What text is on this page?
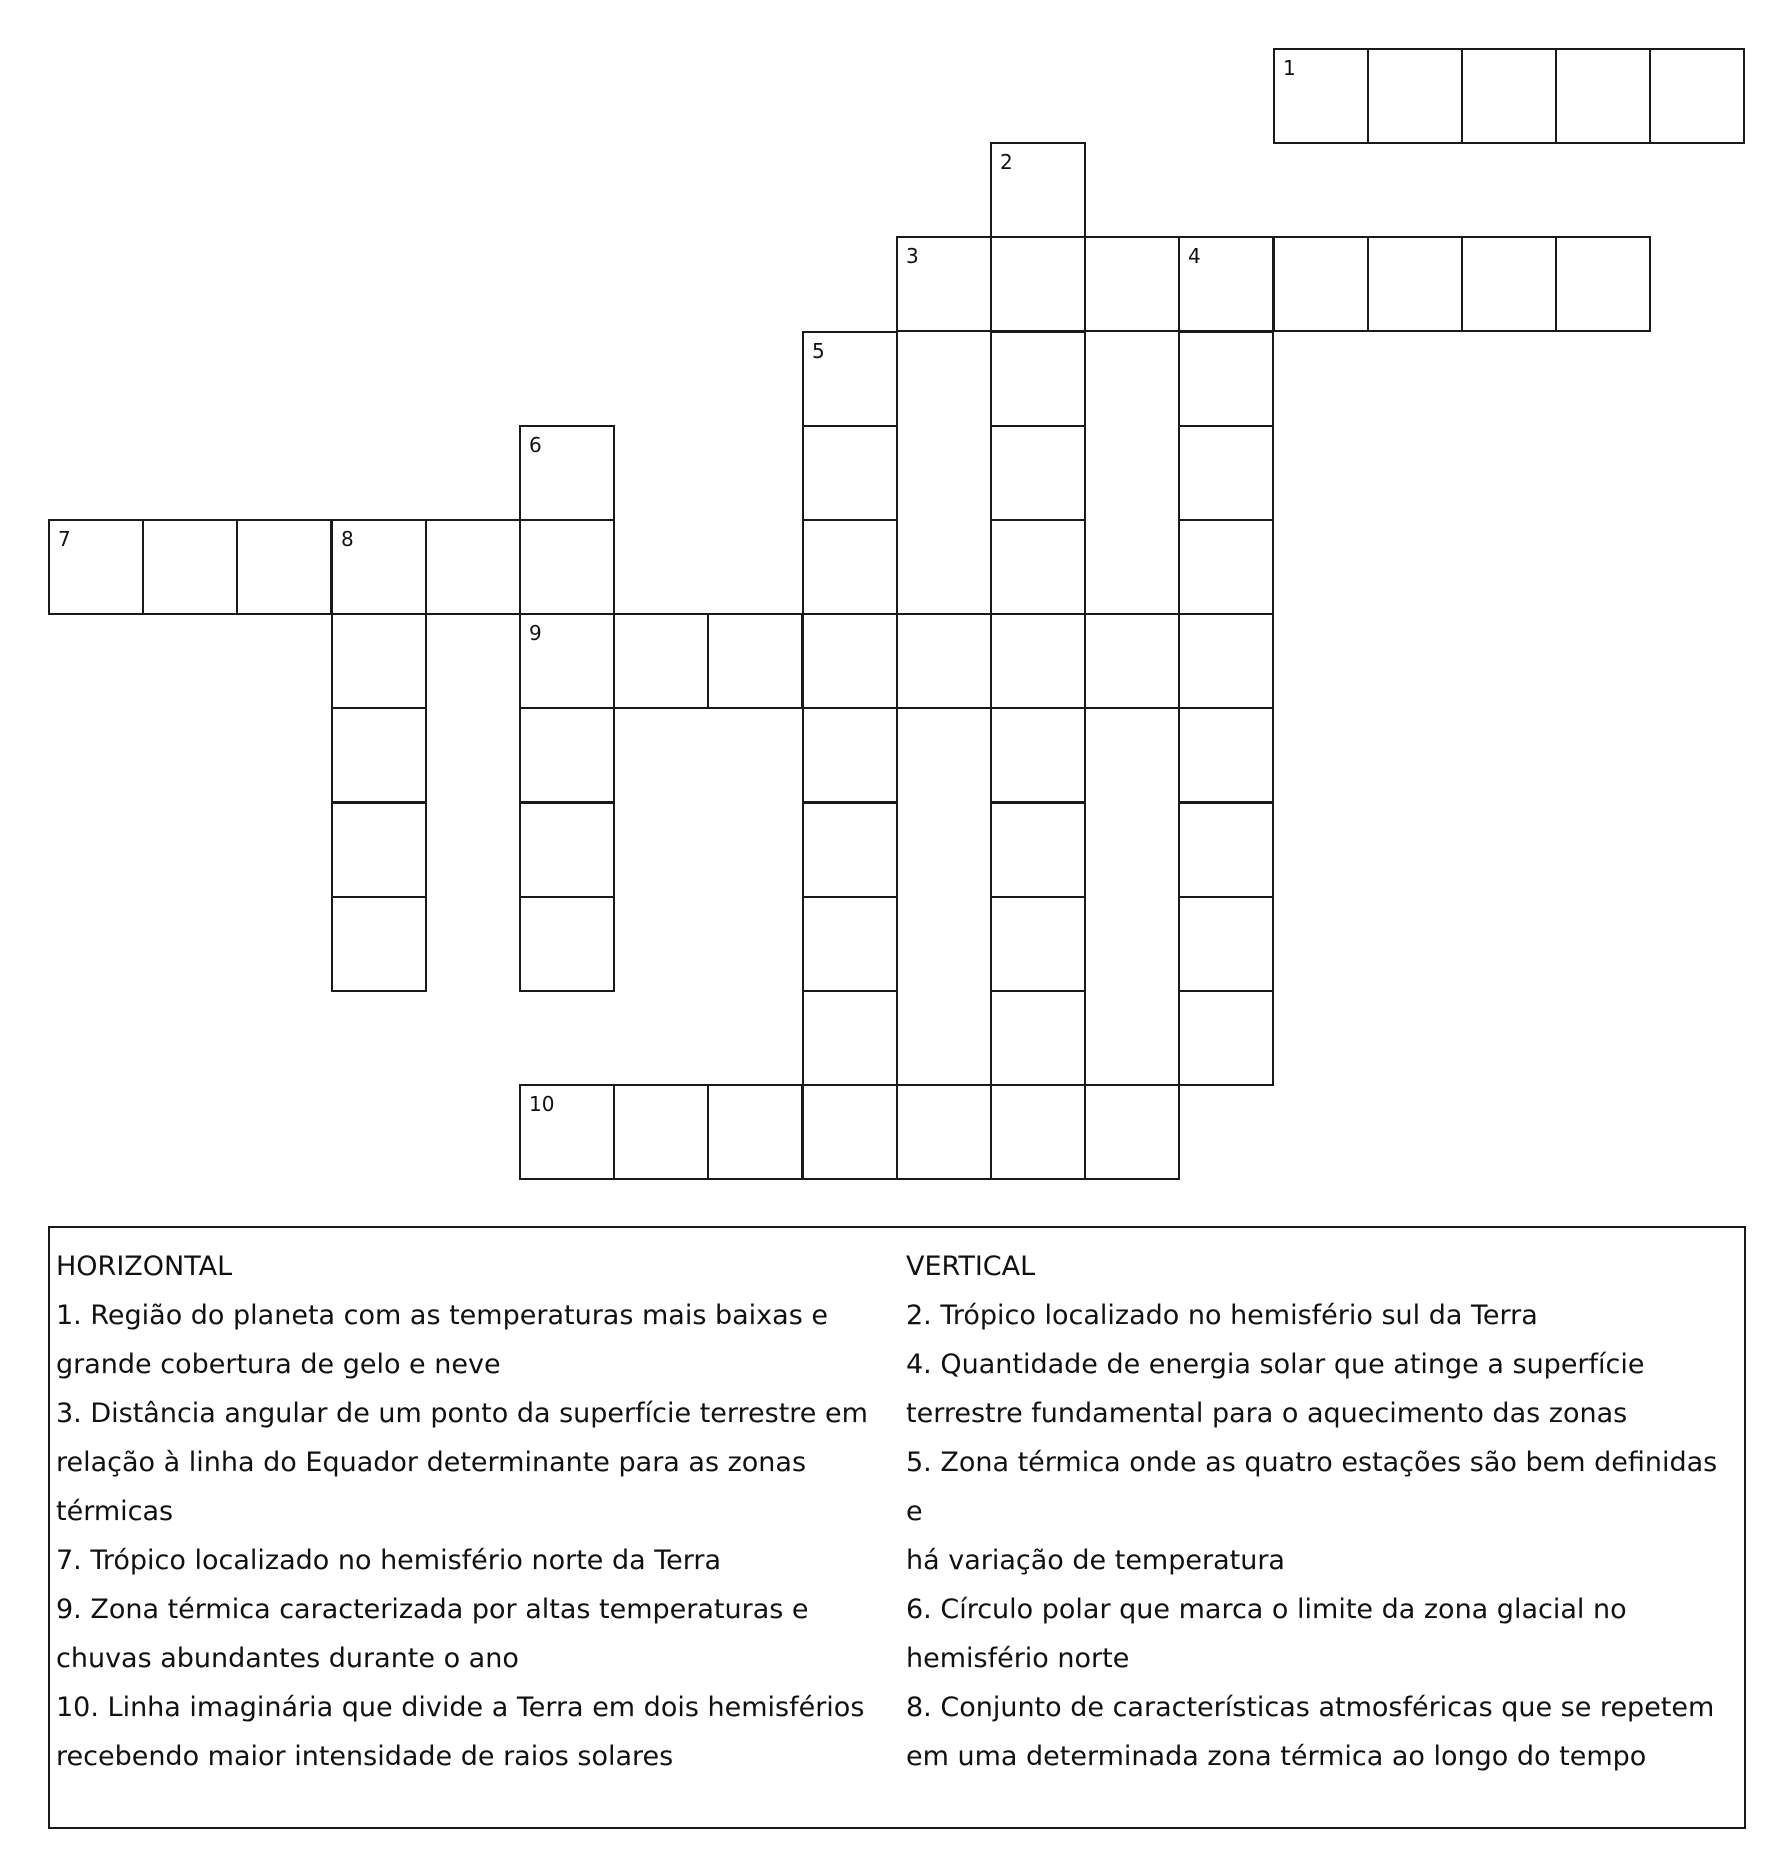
1
2
3	4
5
6
9
7	8
10
HORIZONTAL
1. Região do planeta com as temperaturas mais baixas e
grande cobertura de gelo e neve
3. Distância angular de um ponto da superfície terrestre em
relação à linha do Equador determinante para as zonas
térmicas
7. Trópico localizado no hemisfério norte da Terra
9. Zona térmica caracterizada por altas temperaturas e
chuvas abundantes durante o ano
10. Linha imaginária que divide a Terra em dois hemisférios
recebendo maior intensidade de raios solares
VERTICAL
2. Trópico localizado no hemisfério sul da Terra
4. Quantidade de energia solar que atinge a superfície
terrestre fundamental para o aquecimento das zonas
5. Zona térmica onde as quatro estações são bem definidas e
há variação de temperatura
6. Círculo polar que marca o limite da zona glacial no
hemisfério norte
8. Conjunto de características atmosféricas que se repetem
em uma determinada zona térmica ao longo do tempo
